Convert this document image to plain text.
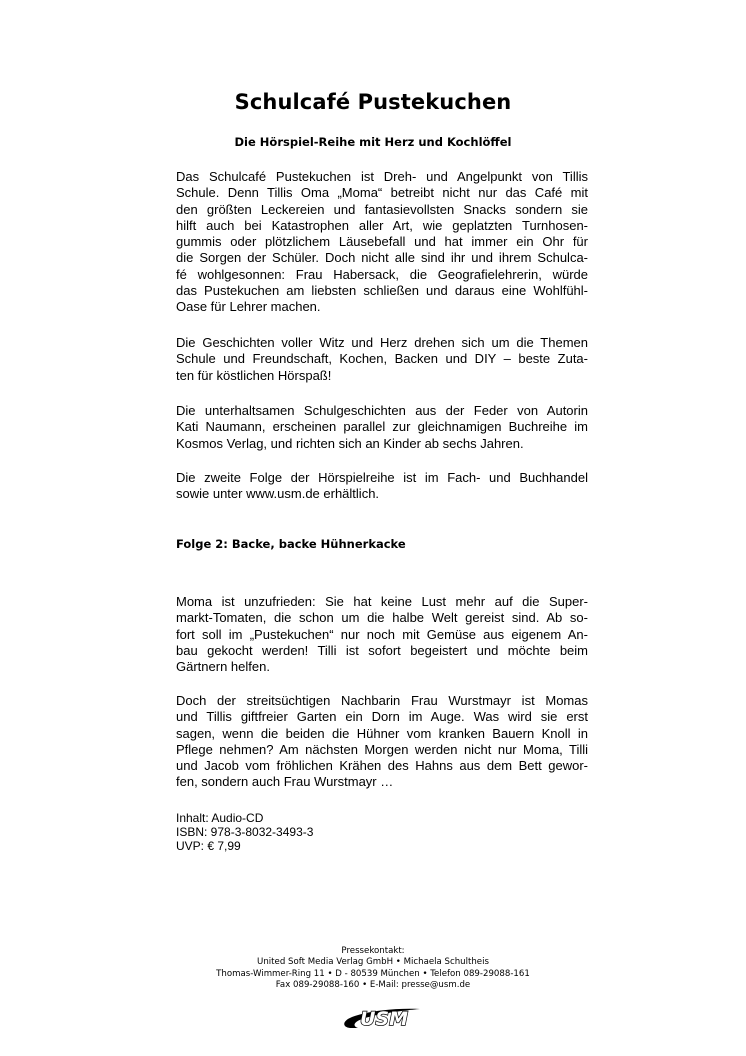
Schulcafé Pustekuchen
Die Hörspiel-Reihe mit Herz und Kochlöffel
Das Schulcafé Pustekuchen ist Dreh- und Angelpunkt von Tillis
Schule. Denn Tillis Oma „Moma“ betreibt nicht nur das Café mit
den größten Leckereien und fantasievollsten Snacks sondern sie
hilft auch bei Katastrophen aller Art, wie geplatzten Turnhosen-
gummis oder plötzlichem Läusebefall und hat immer ein Ohr für
die Sorgen der Schüler. Doch nicht alle sind ihr und ihrem Schulca-
fé wohlgesonnen: Frau Habersack, die Geografielehrerin, würde
das Pustekuchen am liebsten schließen und daraus eine Wohlfühl-
Oase für Lehrer machen.
Die Geschichten voller Witz und Herz drehen sich um die Themen
Schule und Freundschaft, Kochen, Backen und DIY – beste Zuta-
ten für köstlichen Hörspaß!
Die unterhaltsamen Schulgeschichten aus der Feder von Autorin
Kati Naumann, erscheinen parallel zur gleichnamigen Buchreihe im
Kosmos Verlag, und richten sich an Kinder ab sechs Jahren.
Die zweite Folge der Hörspielreihe ist im Fach- und Buchhandel
sowie unter www.usm.de erhältlich.
Folge 2: Backe, backe Hühnerkacke
Moma ist unzufrieden: Sie hat keine Lust mehr auf die Super-
markt-Tomaten, die schon um die halbe Welt gereist sind. Ab so-
fort soll im „Pustekuchen“ nur noch mit Gemüse aus eigenem An-
bau gekocht werden! Tilli ist sofort begeistert und möchte beim
Gärtnern helfen.
Doch der streitsüchtigen Nachbarin Frau Wurstmayr ist Momas
und Tillis giftfreier Garten ein Dorn im Auge. Was wird sie erst
sagen, wenn die beiden die Hühner vom kranken Bauern Knoll in
Pflege nehmen? Am nächsten Morgen werden nicht nur Moma, Tilli
und Jacob vom fröhlichen Krähen des Hahns aus dem Bett gewor-
fen, sondern auch Frau Wurstmayr …
Inhalt: Audio-CD
ISBN: 978-3-8032-3493-3
UVP: € 7,99
Pressekontakt:
United Soft Media Verlag GmbH • Michaela Schultheis
Thomas-Wimmer-Ring 11 • D - 80539 München • Telefon 089-29088-161
Fax 089-29088-160 • E-Mail: presse@usm.de
USM
